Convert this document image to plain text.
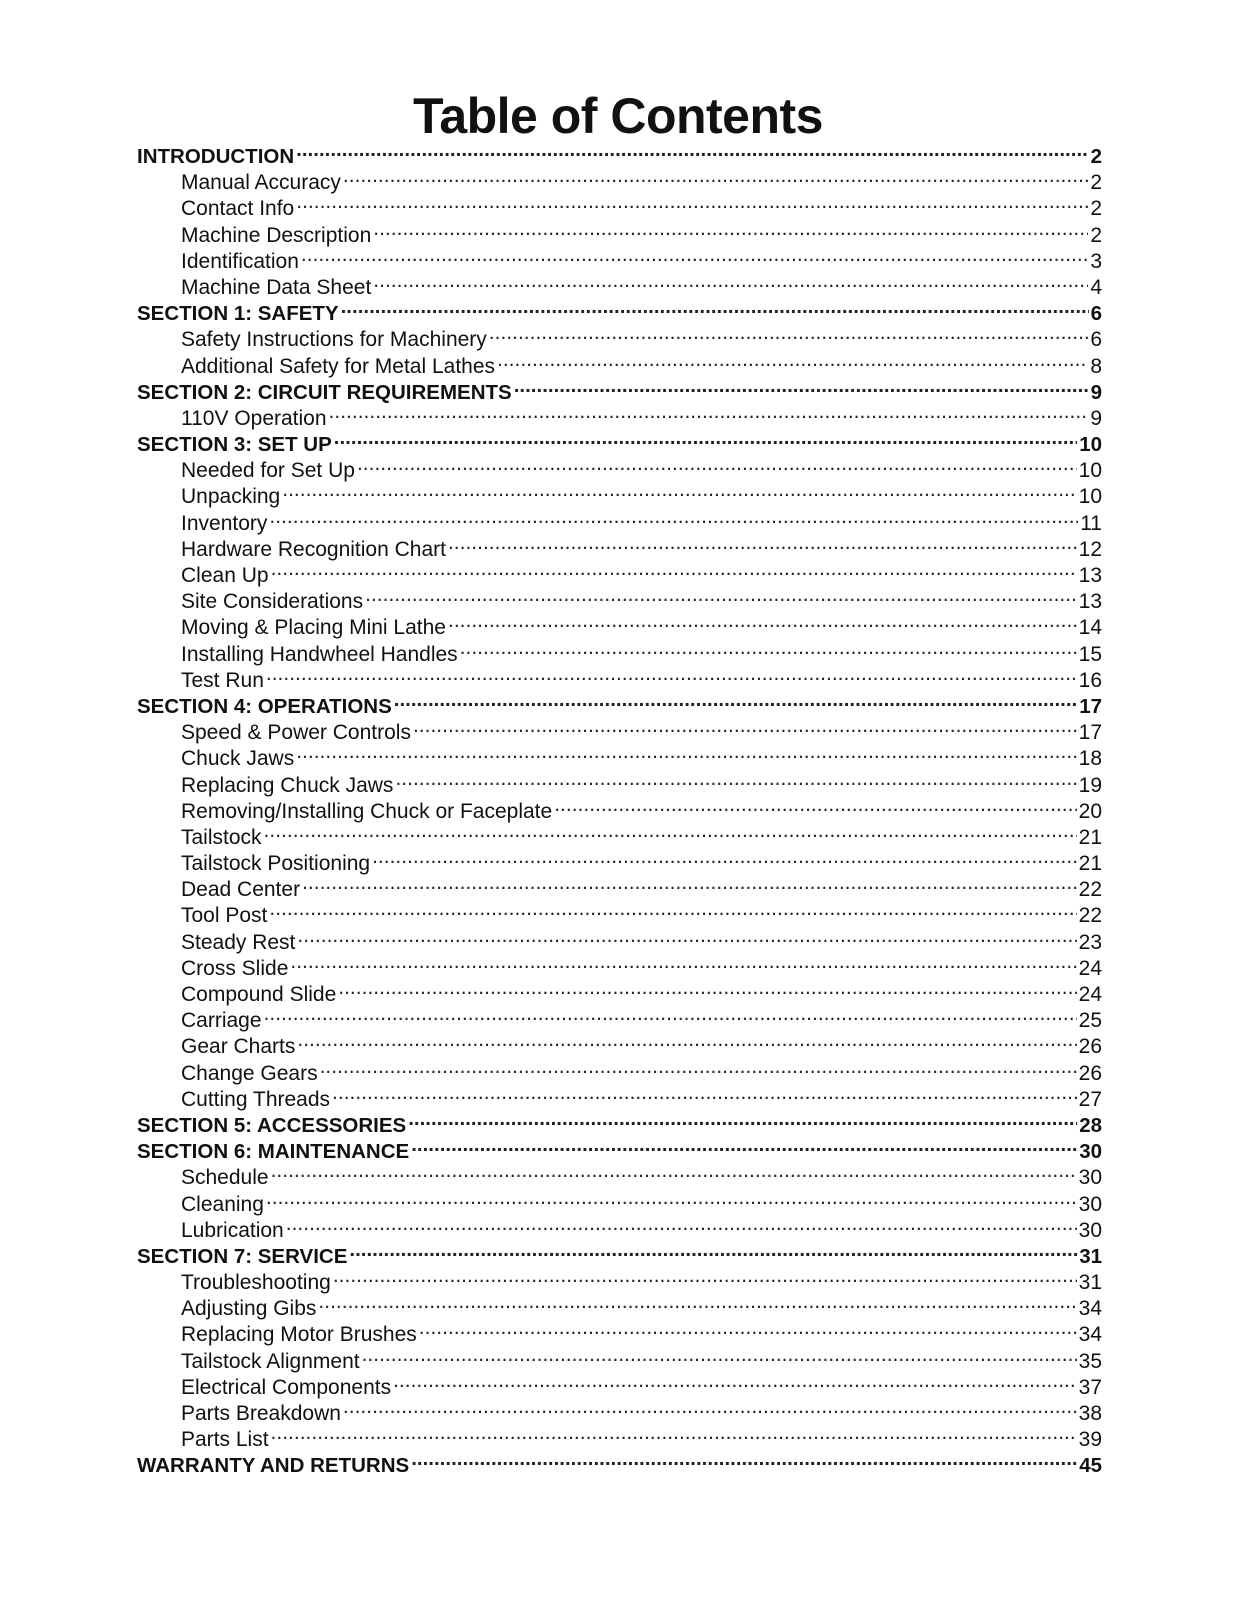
Table of Contents
INTRODUCTION .....	2
Manual Accuracy .....	2
Contact Info .....	2
Machine Description .....	2
Identification .....	3
Machine Data Sheet .....	4
SECTION 1: SAFETY .....	6
Safety Instructions for Machinery .....	6
Additional Safety for Metal Lathes .....	8
SECTION 2: CIRCUIT REQUIREMENTS .....	9
110V Operation .....	9
SECTION 3: SET UP .....	10
Needed for Set Up .....	10
Unpacking .....	10
Inventory .....	11
Hardware Recognition Chart .....	12
Clean Up .....	13
Site Considerations .....	13
Moving & Placing Mini Lathe .....	14
Installing Handwheel Handles .....	15
Test Run .....	16
SECTION 4: OPERATIONS .....	17
Speed & Power Controls .....	17
Chuck Jaws .....	18
Replacing Chuck Jaws .....	19
Removing/Installing Chuck or Faceplate .....	20
Tailstock .....	21
Tailstock Positioning .....	21
Dead Center .....	22
Tool Post .....	22
Steady Rest .....	23
Cross Slide .....	24
Compound Slide .....	24
Carriage .....	25
Gear Charts .....	26
Change Gears .....	26
Cutting Threads .....	27
SECTION 5: ACCESSORIES .....	28
SECTION 6: MAINTENANCE .....	30
Schedule .....	30
Cleaning .....	30
Lubrication .....	30
SECTION 7: SERVICE .....	31
Troubleshooting .....	31
Adjusting Gibs .....	34
Replacing Motor Brushes .....	34
Tailstock Alignment .....	35
Electrical Components .....	37
Parts Breakdown .....	38
Parts List .....	39
WARRANTY AND RETURNS .....	45
